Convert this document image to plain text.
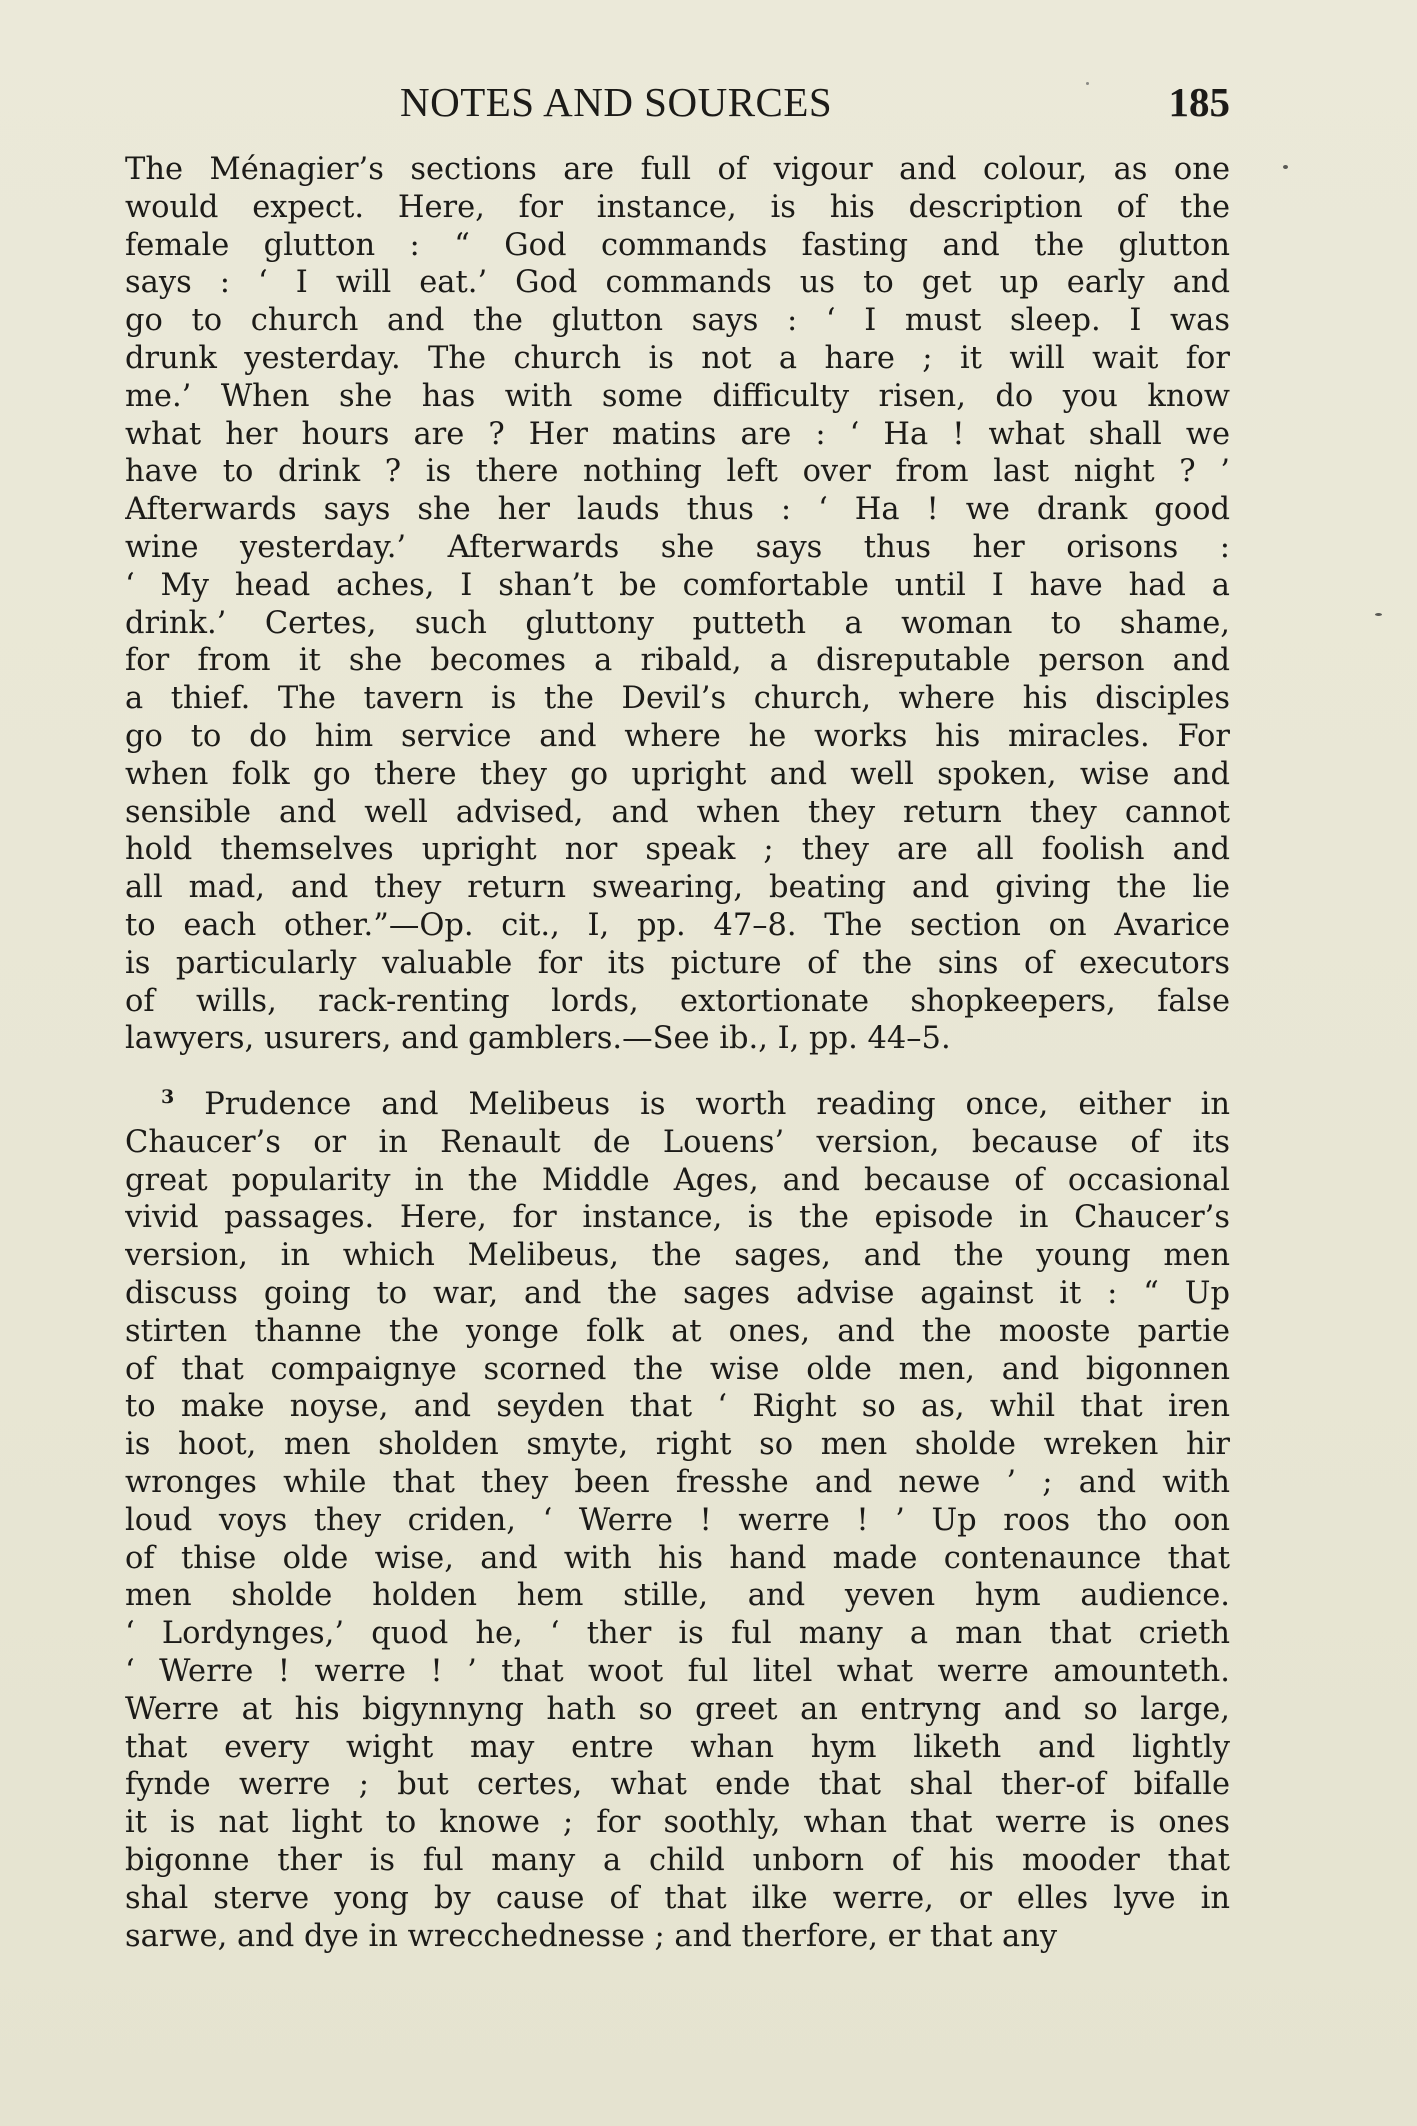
NOTES AND SOURCES	185
The Ménagier’s sections are full of vigour and colour, as one
would expect. Here, for instance, is his description of the
female glutton : “ God commands fasting and the glutton
says : ‘ I will eat.’ God commands us to get up early and
go to church and the glutton says : ‘ I must sleep. I was
drunk yesterday. The church is not a hare ; it will wait for
me.’ When she has with some difficulty risen, do you know
what her hours are ? Her matins are : ‘ Ha ! what shall we
have to drink ? is there nothing left over from last night ? ’
Afterwards says she her lauds thus : ‘ Ha ! we drank good
wine yesterday.’ Afterwards she says thus her orisons :
‘ My head aches, I shan’t be comfortable until I have had a
drink.’ Certes, such gluttony putteth a woman to shame,
for from it she becomes a ribald, a disreputable person and
a thief. The tavern is the Devil’s church, where his disciples
go to do him service and where he works his miracles. For
when folk go there they go upright and well spoken, wise and
sensible and well advised, and when they return they cannot
hold themselves upright nor speak ; they are all foolish and
all mad, and they return swearing, beating and giving the lie
to each other.”—Op. cit., I, pp. 47–8. The section on Avarice
is particularly valuable for its picture of the sins of executors
of wills, rack-renting lords, extortionate shopkeepers, false
lawyers, usurers, and gamblers.—See ib., I, pp. 44–5.
$^3$ Prudence and Melibeus is worth reading once, either in
Chaucer’s or in Renault de Louens’ version, because of its
great popularity in the Middle Ages, and because of occasional
vivid passages. Here, for instance, is the episode in Chaucer’s
version, in which Melibeus, the sages, and the young men
discuss going to war, and the sages advise against it : “ Up
stirten thanne the yonge folk at ones, and the mooste partie
of that compaignye scorned the wise olde men, and bigonnen
to make noyse, and seyden that ‘ Right so as, whil that iren
is hoot, men sholden smyte, right so men sholde wreken hir
wronges while that they been fresshe and newe ’ ; and with
loud voys they criden, ‘ Werre ! werre ! ’ Up roos tho oon
of thise olde wise, and with his hand made contenaunce that
men sholde holden hem stille, and yeven hym audience.
‘ Lordynges,’ quod he, ‘ ther is ful many a man that crieth
‘ Werre ! werre ! ’ that woot ful litel what werre amounteth.
Werre at his bigynnyng hath so greet an entryng and so large,
that every wight may entre whan hym liketh and lightly
fynde werre ; but certes, what ende that shal ther-of bifalle
it is nat light to knowe ; for soothly, whan that werre is ones
bigonne ther is ful many a child unborn of his mooder that
shal sterve yong by cause of that ilke werre, or elles lyve in
sarwe, and dye in wrecchednesse ; and therfore, er that any
